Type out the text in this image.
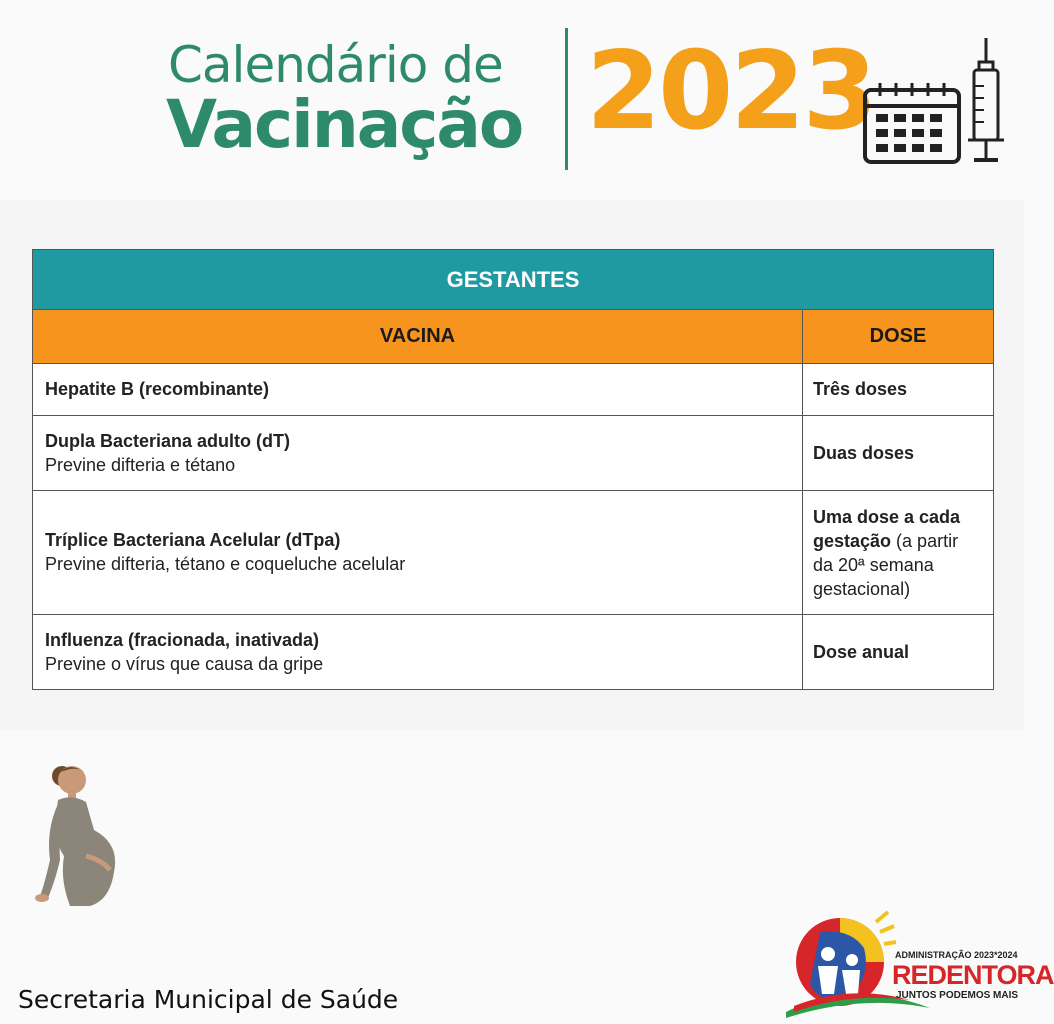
Calendário de
Vacinação 2023
GESTANTES	
VACINA	DOSE

Hepatite B (recombinante)	Três doses

Dupla Bacteriana adulto (dT)
Previne difteria e tétano	Duas doses

Tríplice Bacteriana Acelular (dTpa)
Previne difteria, tétano e coqueluche acelular	Uma dose a cada gestação (a partir da 20ª semana gestacional)

Influenza (fracionada, inativada)
Previne o vírus que causa da gripe	Dose anual
Secretaria Municipal de Saúde
ADMINISTRAÇÃO 2023*2024
REDENTORA
JUNTOS PODEMOS MAIS
